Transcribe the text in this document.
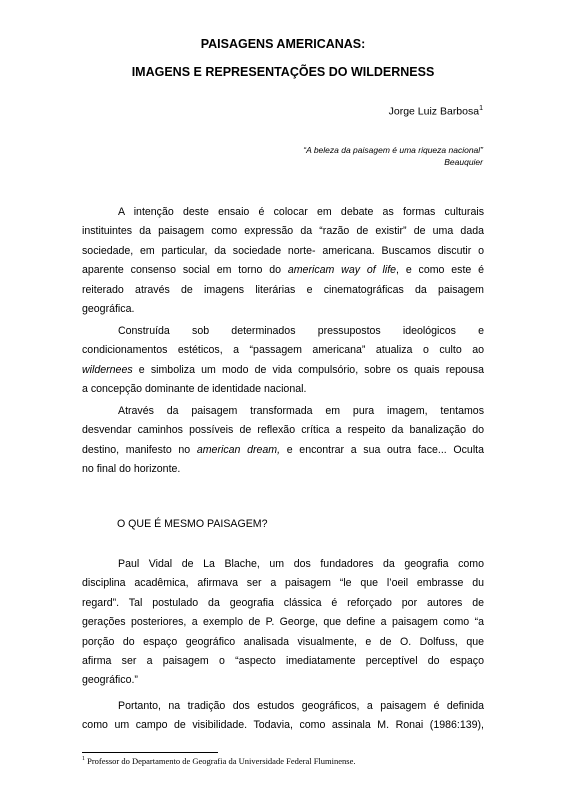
PAISAGENS AMERICANAS:
IMAGENS E REPRESENTAÇÕES DO WILDERNESS
Jorge Luiz Barbosa$^1$
“A beleza da paisagem é uma riqueza nacional”
Beauquier
A intenção deste ensaio é colocar em debate as formas culturais
instituintes da paisagem como expressão da “razão de existir” de uma dada
sociedade, em particular, da sociedade norte- americana. Buscamos discutir o
aparente consenso social em torno do americam way of life, e como este é
reiterado através de imagens literárias e cinematográficas da paisagem
geográfica.
Construída sob determinados pressupostos ideológicos e
condicionamentos estéticos, a “passagem americana” atualiza o culto ao
wildernees e simboliza um modo de vida compulsório, sobre os quais repousa
a concepção dominante de identidade nacional.
Através da paisagem transformada em pura imagem, tentamos
desvendar caminhos possíveis de reflexão crítica a respeito da banalização do
destino, manifesto no american dream, e encontrar a sua outra face... Oculta
no final do horizonte.
O QUE É MESMO PAISAGEM?
Paul Vidal de La Blache, um dos fundadores da geografia como
disciplina acadêmica, afirmava ser a paisagem “le que l’oeil embrasse du
regard”. Tal postulado da geografia clássica é reforçado por autores de
gerações posteriores, a exemplo de P. George, que define a paisagem como “a
porção do espaço geográfico analisada visualmente, e de O. Dolfuss, que
afirma ser a paisagem o “aspecto imediatamente perceptível do espaço
geográfico.”
Portanto, na tradição dos estudos geográficos, a paisagem é definida
como um campo de visibilidade. Todavia, como assinala M. Ronai (1986:139),
$^1$ Professor do Departamento de Geografia da Universidade Federal Fluminense.
